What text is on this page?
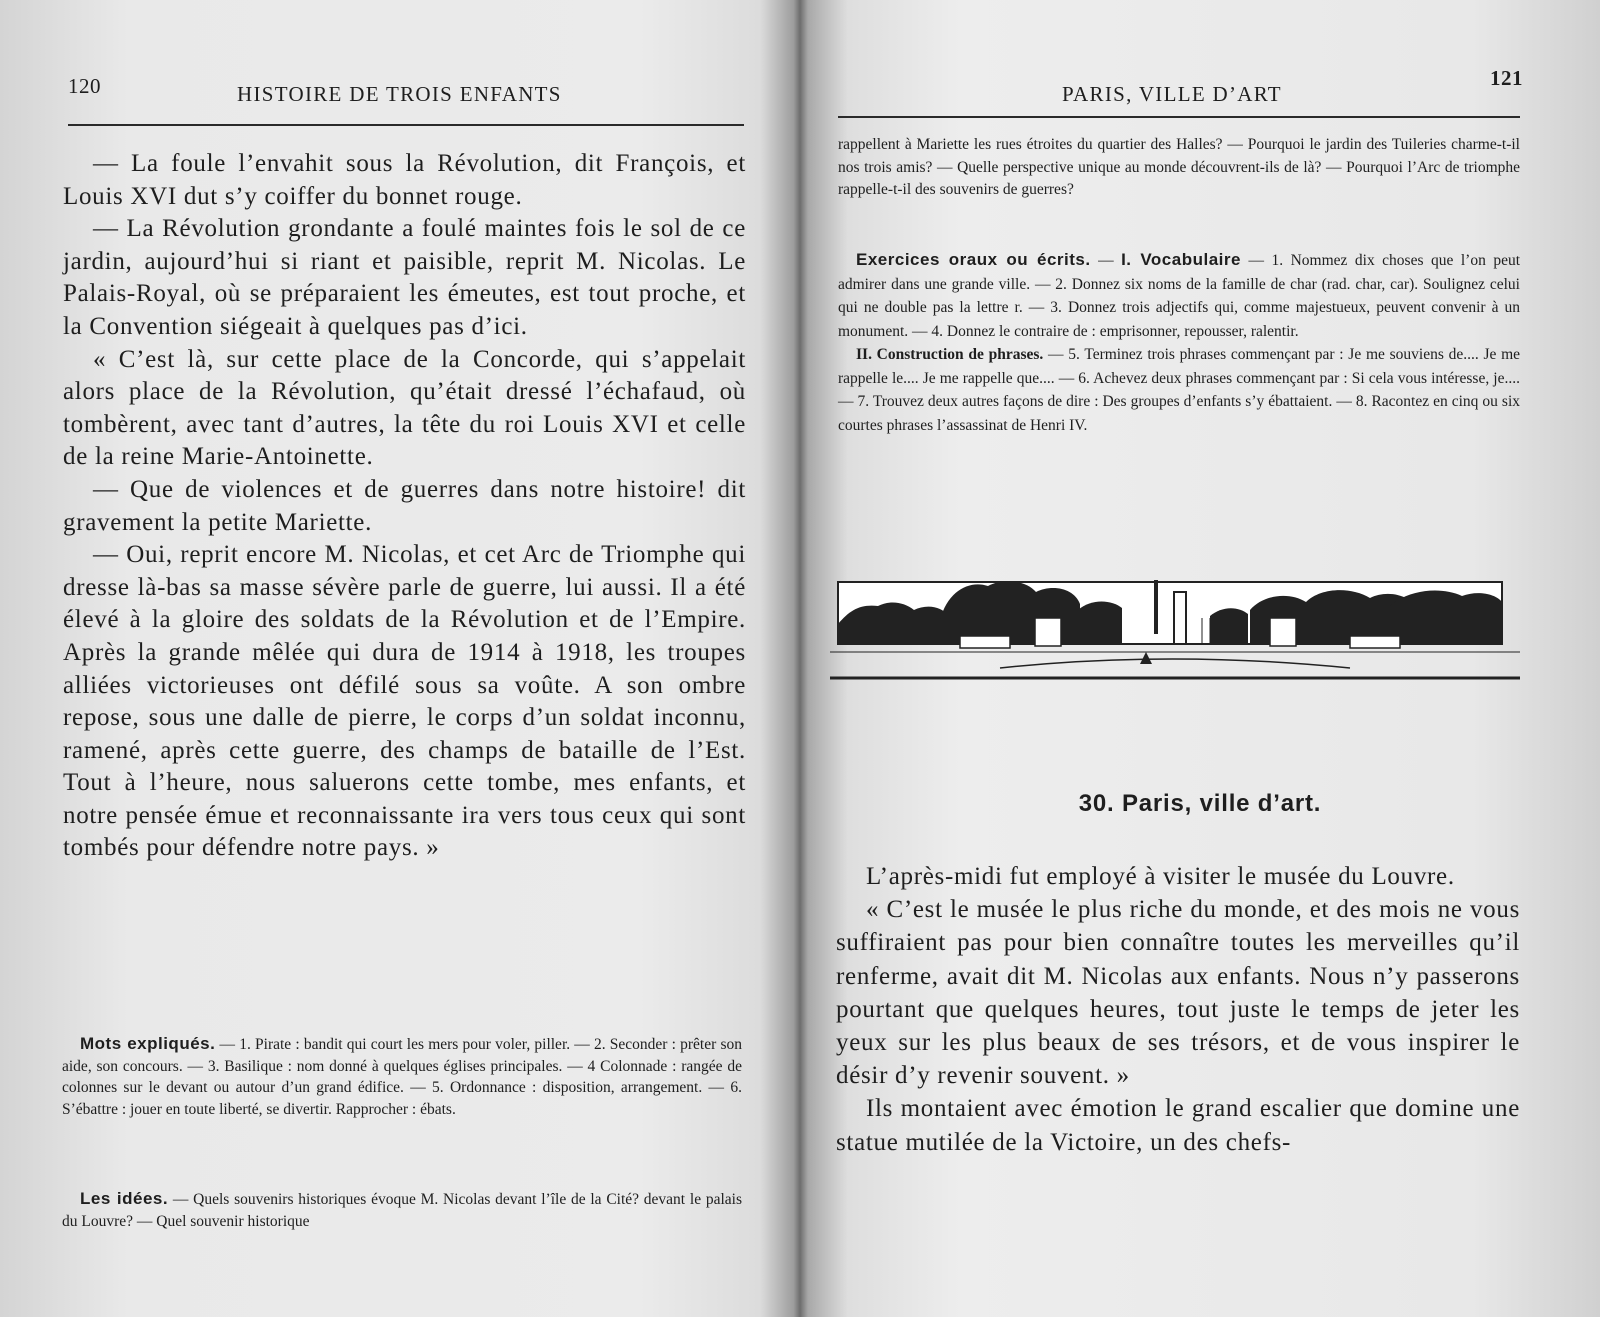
120	HISTOIRE DE TROIS ENFANTS

— La foule l’envahit sous la Révolution, dit François, et Louis XVI dut s’y coiffer du bonnet rouge.

— La Révolution grondante a foulé maintes fois le sol de ce jardin, aujourd’hui si riant et paisible, reprit M. Nicolas. Le Palais-Royal, où se préparaient les émeutes, est tout proche, et la Convention siégeait à quelques pas d’ici.

« C’est là, sur cette place de la Concorde, qui s’appelait alors place de la Révolution, qu’était dressé l’échafaud, où tombèrent, avec tant d’autres, la tête du roi Louis XVI et celle de la reine Marie-Antoinette.

— Que de violences et de guerres dans notre histoire! dit gravement la petite Mariette.

— Oui, reprit encore M. Nicolas, et cet Arc de Triomphe qui dresse là-bas sa masse sévère parle de guerre, lui aussi. Il a été élevé à la gloire des soldats de la Révolution et de l’Empire. Après la grande mêlée qui dura de 1914 à 1918, les troupes alliées victorieuses ont défilé sous sa voûte. A son ombre repose, sous une dalle de pierre, le corps d’un soldat inconnu, ramené, après cette guerre, des champs de bataille de l’Est. Tout à l’heure, nous saluerons cette tombe, mes enfants, et notre pensée émue et reconnaissante ira vers tous ceux qui sont tombés pour défendre notre pays. »

Mots expliqués. — 1. Pirate : bandit qui court les mers pour voler, piller. — 2. Seconder : prêter son aide, son concours. — 3. Basilique : nom donné à quelques églises principales. — 4 Colonnade : rangée de colonnes sur le devant ou autour d’un grand édifice. — 5. Ordonnance : disposition, arrangement. — 6. S’ébattre : jouer en toute liberté, se divertir. Rapprocher : ébats.

Les idées. — Quels souvenirs historiques évoque M. Nicolas devant l’île de la Cité? devant le palais du Louvre? — Quel souvenir historique

PARIS, VILLE D’ART
121

rappellent à Mariette les rues étroites du quartier des Halles? — Pourquoi le jardin des Tuileries charme-t-il nos trois amis? — Quelle perspective unique au monde découvrent-ils de là? — Pourquoi l’Arc de triomphe rappelle-t-il des souvenirs de guerres?

Exercices oraux ou écrits. — I. Vocabulaire — 1. Nommez dix choses que l’on peut admirer dans une grande ville. — 2. Donnez six noms de la famille de char (rad. char, car). Soulignez celui qui ne double pas la lettre r. — 3. Donnez trois adjectifs qui, comme majestueux, peuvent convenir à un monument. — 4. Donnez le contraire de : emprisonner, repousser, ralentir.

II. Construction de phrases. — 5. Terminez trois phrases commençant par : Je me souviens de.... Je me rappelle le.... Je me rappelle que.... — 6. Achevez deux phrases commençant par : Si cela vous intéresse, je.... — 7. Trouvez deux autres façons de dire : Des groupes d’enfants s’y ébattaient. — 8. Racontez en cinq ou six courtes phrases l’assassinat de Henri IV.

30. Paris, ville d’art.

L’après-midi fut employé à visiter le musée du Louvre.

« C’est le musée le plus riche du monde, et des mois ne vous suffiraient pas pour bien connaître toutes les merveilles qu’il renferme, avait dit M. Nicolas aux enfants. Nous n’y passerons pourtant que quelques heures, tout juste le temps de jeter les yeux sur les plus beaux de ses trésors, et de vous inspirer le désir d’y revenir souvent. »

Ils montaient avec émotion le grand escalier que domine une statue mutilée de la Victoire, un des chefs-
